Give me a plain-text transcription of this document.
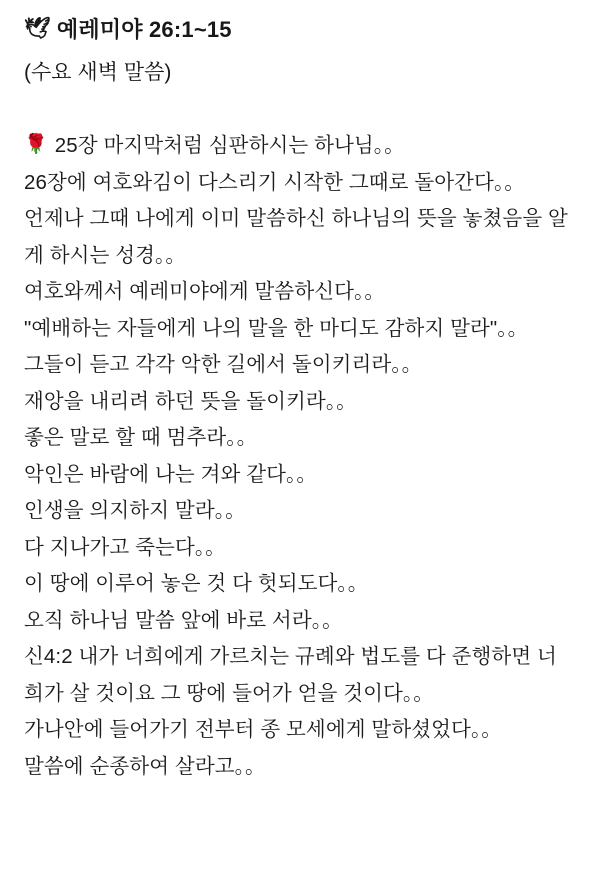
🕊 예레미야 26:1~15
(수요 새벽 말씀)
🌹 25장 마지막처럼 심판하시는 하나님。。
26장에 여호와김이 다스리기 시작한 그때로 돌아간다。。
언제나 그때 나에게 이미 말씀하신 하나님의 뜻을 놓쳤음을 알게 하시는 성경。。
여호와께서 예레미야에게 말씀하신다。。
"예배하는 자들에게 나의 말을 한 마디도 감하지 말라"。。
그들이 듣고 각각 악한 길에서 돌이키리라。。
재앙을 내리려 하던 뜻을 돌이키라。。
좋은 말로 할 때 멈추라。。
악인은 바람에 나는 겨와 같다。。
인생을 의지하지 말라。。
다 지나가고 죽는다。。
이 땅에 이루어 놓은 것 다 헛되도다。。
오직 하나님 말씀 앞에 바로 서라。。
신4:2 내가 너희에게 가르치는 규례와 법도를 다 준행하면 너희가 살 것이요 그 땅에 들어가 얻을 것이다。。
가나안에 들어가기 전부터 종 모세에게 말하셨었다。。
말씀에 순종하여 살라고。。
